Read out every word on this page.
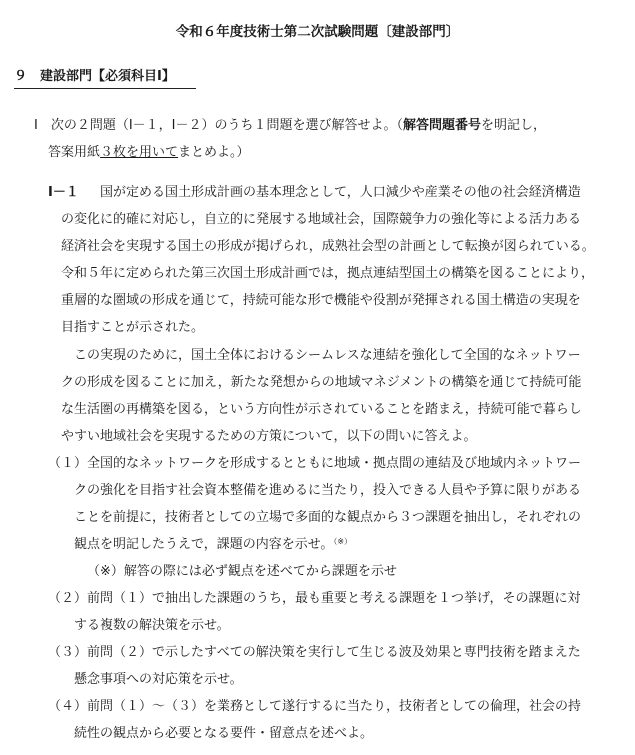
令和６年度技術士第二次試験問題〔建設部門〕
９　建設部門【必須科目Ⅰ】
Ⅰ　次の２問題（Ⅰ－１，Ⅰ－２）のうち１問題を選び解答せよ。（解答問題番号を明記し，
答案用紙３枚を用いてまとめよ。）
Ⅰ－１ 国が定める国土形成計画の基本理念として，人口減少や産業その他の社会経済構造
の変化に的確に対応し，自立的に発展する地域社会，国際競争力の強化等による活力ある
経済社会を実現する国土の形成が掲げられ，成熟社会型の計画として転換が図られている。
令和５年に定められた第三次国土形成計画では，拠点連結型国土の構築を図ることにより，
重層的な圏域の形成を通じて，持続可能な形で機能や役割が発揮される国土構造の実現を
目指すことが示された。
この実現のために，国土全体におけるシームレスな連結を強化して全国的なネットワー
クの形成を図ることに加え，新たな発想からの地域マネジメントの構築を通じて持続可能
な生活圏の再構築を図る，という方向性が示されていることを踏まえ，持続可能で暮らし
やすい地域社会を実現するための方策について，以下の問いに答えよ。
（１）全国的なネットワークを形成するとともに地域・拠点間の連結及び地域内ネットワー
クの強化を目指す社会資本整備を進めるに当たり，投入できる人員や予算に限りがある
ことを前提に，技術者としての立場で多面的な観点から３つ課題を抽出し，それぞれの
観点を明記したうえで，課題の内容を示せ。（※）
（※）解答の際には必ず観点を述べてから課題を示せ
（２）前問（１）で抽出した課題のうち，最も重要と考える課題を１つ挙げ，その課題に対
する複数の解決策を示せ。
（３）前問（２）で示したすべての解決策を実行して生じる波及効果と専門技術を踏まえた
懸念事項への対応策を示せ。
（４）前問（１）～（３）を業務として遂行するに当たり，技術者としての倫理，社会の持
続性の観点から必要となる要件・留意点を述べよ。
